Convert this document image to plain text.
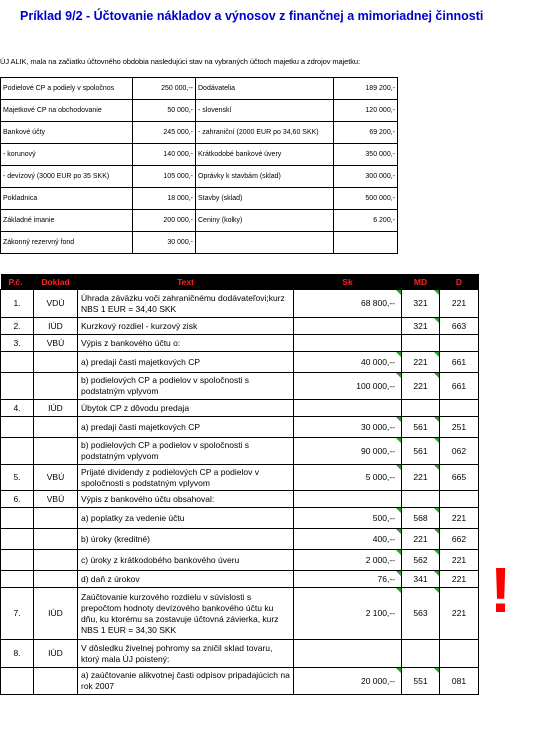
Príklad 9/2 - Účtovanie nákladov a výnosov z finančnej a mimoriadnej činnosti
ÚJ ALIK, mala na začiatku účtovného obdobia nasledujúci stav na vybraných účtoch majetku a zdrojov majetku:
Podielové CP a podiely v spoločnos	250 000,--	Dodávatelia	189 200,-
Majetkové CP na obchodovanie	50 000,-	- slovenskí	120 000,-
Bankové účty	245 000,-	- zahraniční (2000 EUR po 34,60 SKK)	69 200,-
- korunový	140 000,-	Krátkodobé bankové úvery	350 000,-
- devízový (3000 EUR po 35 SKK)	105 000,-	Oprávky k stavbám (sklad)	300 000,-
Pokladnica	18 000,-	Stavby (sklad)	500 000,-
Základné imanie	200 000,-	Ceniny (kolky)	6 200,-
Zákonný rezervný fond	30 000,-		
P.č.	Doklad	Text	Sk	MD	D
1.	VDÚ	Úhrada záväzku voči zahraničnému dodávateľovi;kurz NBS 1 EUR = 34,40 SKK	68 800,--	321	221
2.	IÚD	Kurzkový rozdiel - kurzový zisk		321	663
3.	VBÚ	Výpis z bankového účtu o:			
		a) predaji časti majetkových CP	40 000,--	221	661
		b) podielových CP a podielov v spoločnosti s podstatným vplyvom	100 000,--	221	661
4.	IÚD	Úbytok CP z dôvodu predaja			
		a) predaji časti majetkových CP	30 000,--	561	251
		b) podielových CP a podielov v spoločnosti s podstatným vplyvom	90 000,--	561	062
5.	VBÚ	Prijaté dividendy z podielových CP a podielov v spoločnosti s podstatným vplyvom	5 000,--	221	665
6.	VBÚ	Výpis z bankového účtu obsahoval:			
		a) poplatky za vedenie účtu	500,--	568	221
		b) úroky (kreditné)	400,--	221	662
		c) úroky z krátkodobého bankového úveru	2 000,--	562	221
		d) daň z úrokov	76,--	341	221
7.	IÚD	Zaúčtovanie kurzového rozdielu v súvislosti s prepočtom hodnoty devízového bankového účtu ku dňu, ku ktorému sa zostavuje účtovná závierka, kurz NBS 1 EUR = 34,30 SKK	2 100,--	563	221
8.	IÚD	V dôsledku živelnej pohromy sa zničil sklad tovaru, ktorý mala ÚJ poistený:			
		a) zaúčtovanie alikvotnej časti odpisov pripadajúcich na rok 2007	20 000,--	551	081
!
